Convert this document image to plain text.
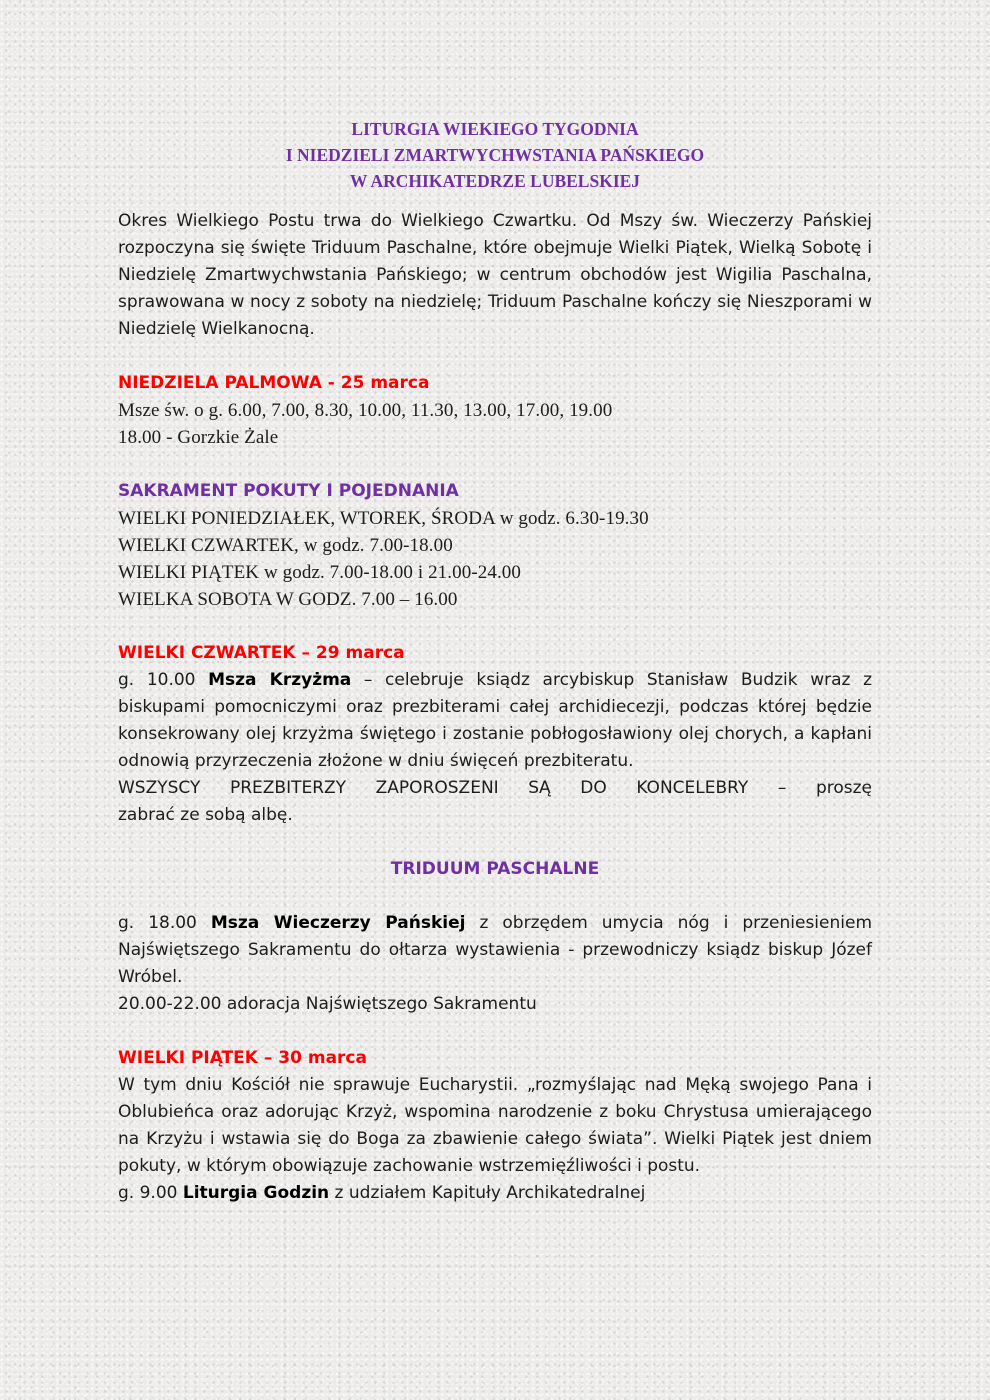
LITURGIA WIEKIEGO TYGODNIA

I NIEDZIELI ZMARTWYCHWSTANIA PAŃSKIEGO

W ARCHIKATEDRZE LUBELSKIEJ

Okres Wielkiego Postu trwa do Wielkiego Czwartku. Od Mszy św. Wieczerzy Pańskiej rozpoczyna się święte Triduum Paschalne, które obejmuje Wielki Piątek, Wielką Sobotę i Niedzielę Zmartwychwstania Pańskiego; w centrum obchodów jest Wigilia Paschalna, sprawowana w nocy z soboty na niedzielę; Triduum Paschalne kończy się Nieszporami w Niedzielę Wielkanocną.

NIEDZIELA PALMOWA - 25 marca

Msze św. o g. 6.00, 7.00, 8.30, 10.00, 11.30, 13.00, 17.00, 19.00

18.00 - Gorzkie Żale

SAKRAMENT POKUTY I POJEDNANIA

WIELKI PONIEDZIAŁEK, WTOREK, ŚRODA w godz. 6.30-19.30

WIELKI CZWARTEK, w godz. 7.00-18.00

WIELKI PIĄTEK w godz. 7.00-18.00 i 21.00-24.00

WIELKA SOBOTA W GODZ. 7.00 – 16.00

WIELKI CZWARTEK – 29 marca

g. 10.00 Msza Krzyżma – celebruje ksiądz arcybiskup Stanisław Budzik wraz z biskupami pomocniczymi oraz prezbiterami całej archidiecezji, podczas której będzie konsekrowany olej krzyżma świętego i zostanie pobłogosławiony olej chorych, a kapłani odnowią przyrzeczenia złożone w dniu święceń prezbiteratu.

WSZYSCY PREZBITERZY ZAPOROSZENI SĄ DO KONCELEBRY – proszę

zabrać ze sobą albę.

TRIDUUM PASCHALNE

g. 18.00 Msza Wieczerzy Pańskiej z obrzędem umycia nóg i przeniesieniem Najświętszego Sakramentu do ołtarza wystawienia - przewodniczy ksiądz biskup Józef Wróbel.

20.00-22.00 adoracja Najświętszego Sakramentu

WIELKI PIĄTEK – 30 marca

W tym dniu Kościół nie sprawuje Eucharystii. „rozmyślając nad Męką swojego Pana i Oblubieńca oraz adorując Krzyż, wspomina narodzenie z boku Chrystusa umierającego na Krzyżu i wstawia się do Boga za zbawienie całego świata”. Wielki Piątek jest dniem pokuty, w którym obowiązuje zachowanie wstrzemięźliwości i postu.

g. 9.00 Liturgia Godzin z udziałem Kapituły Archikatedralnej
